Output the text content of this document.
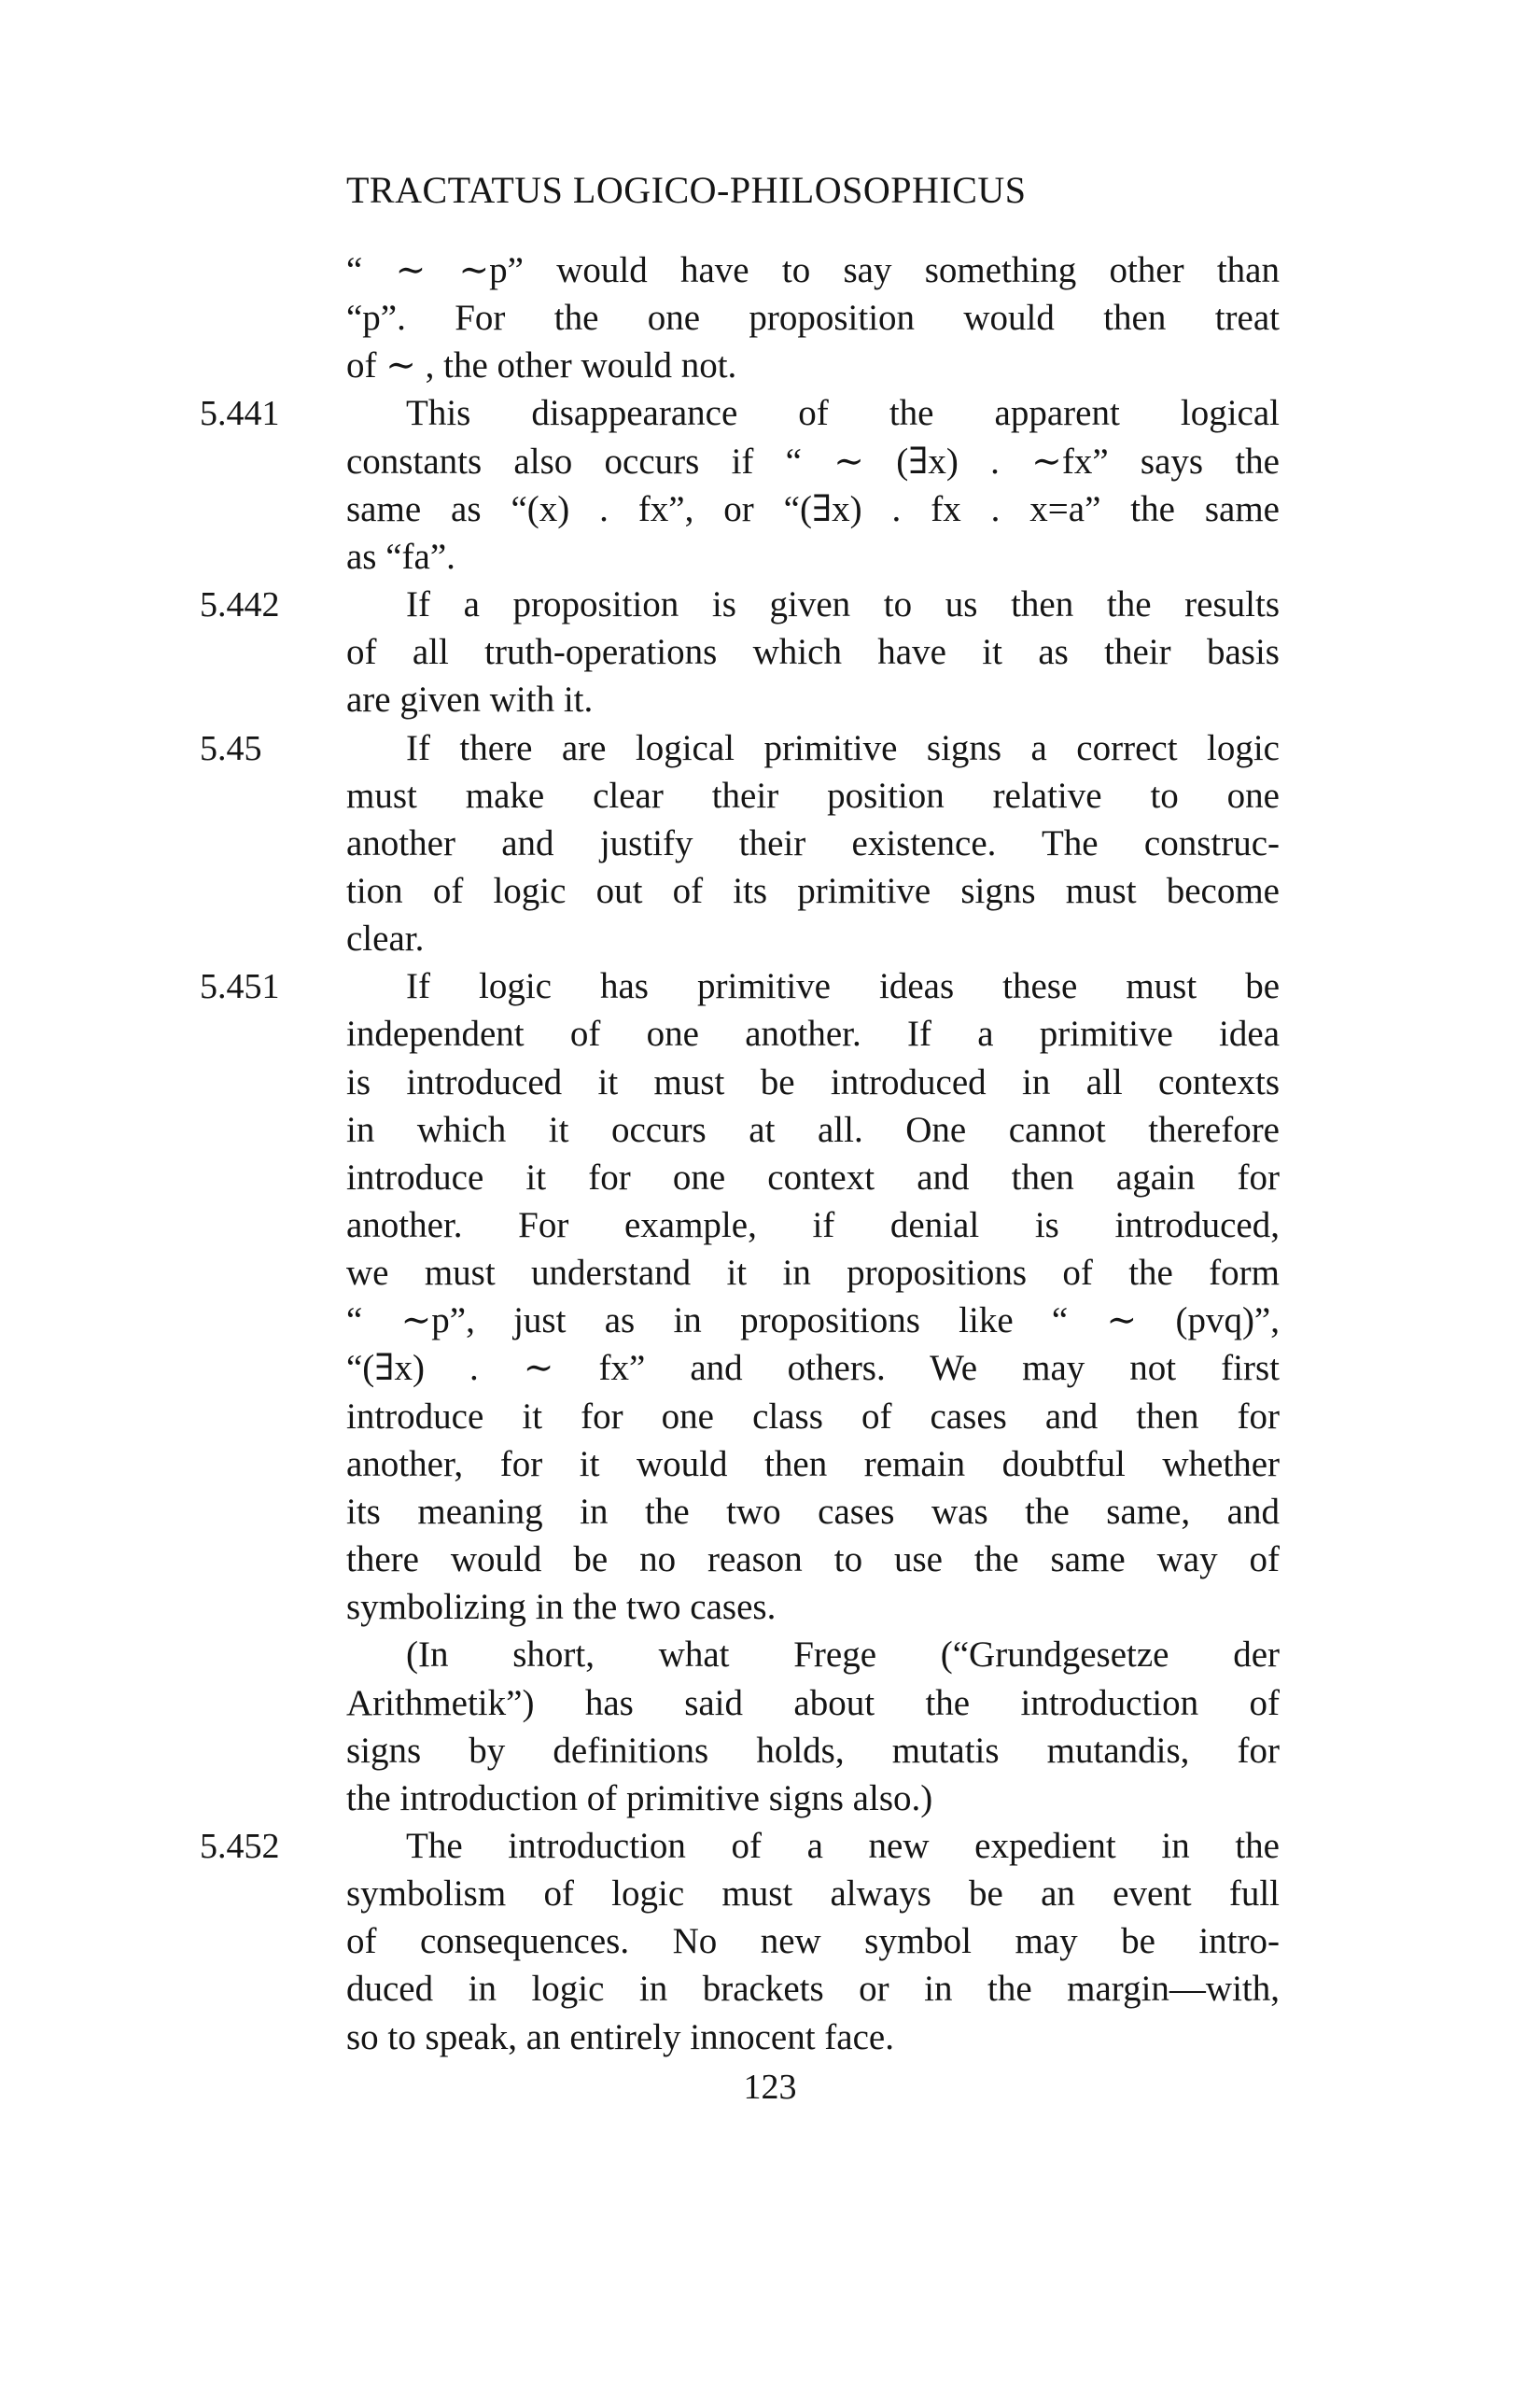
TRACTATUS LOGICO-PHILOSOPHICUS
“ ∼ ∼p” would have to say something other than
“p”. For the one proposition would then treat
of ∼ , the other would not.
This disappearance of the apparent logical
5.441
constants also occurs if “ ∼ (∃x) . ∼fx” says the
same as “(x) . fx”, or “(∃x) . fx . x=a” the same
as “fa”.
If a proposition is given to us then the results
5.442
of all truth-operations which have it as their basis
are given with it.
If there are logical primitive signs a correct logic
5.45
must make clear their position relative to one
another and justify their existence. The construc-
tion of logic out of its primitive signs must become
clear.
If logic has primitive ideas these must be
5.451
independent of one another. If a primitive idea
is introduced it must be introduced in all contexts
in which it occurs at all. One cannot therefore
introduce it for one context and then again for
another. For example, if denial is introduced,
we must understand it in propositions of the form
“ ∼p”, just as in propositions like “ ∼ (pvq)”,
“(∃x) . ∼ fx” and others. We may not first
introduce it for one class of cases and then for
another, for it would then remain doubtful whether
its meaning in the two cases was the same, and
there would be no reason to use the same way of
symbolizing in the two cases.
(In short, what Frege (“Grundgesetze der
Arithmetik”) has said about the introduction of
signs by definitions holds, mutatis mutandis, for
the introduction of primitive signs also.)
The introduction of a new expedient in the
5.452
symbolism of logic must always be an event full
of consequences. No new symbol may be intro-
duced in logic in brackets or in the margin—with,
so to speak, an entirely innocent face.
123
